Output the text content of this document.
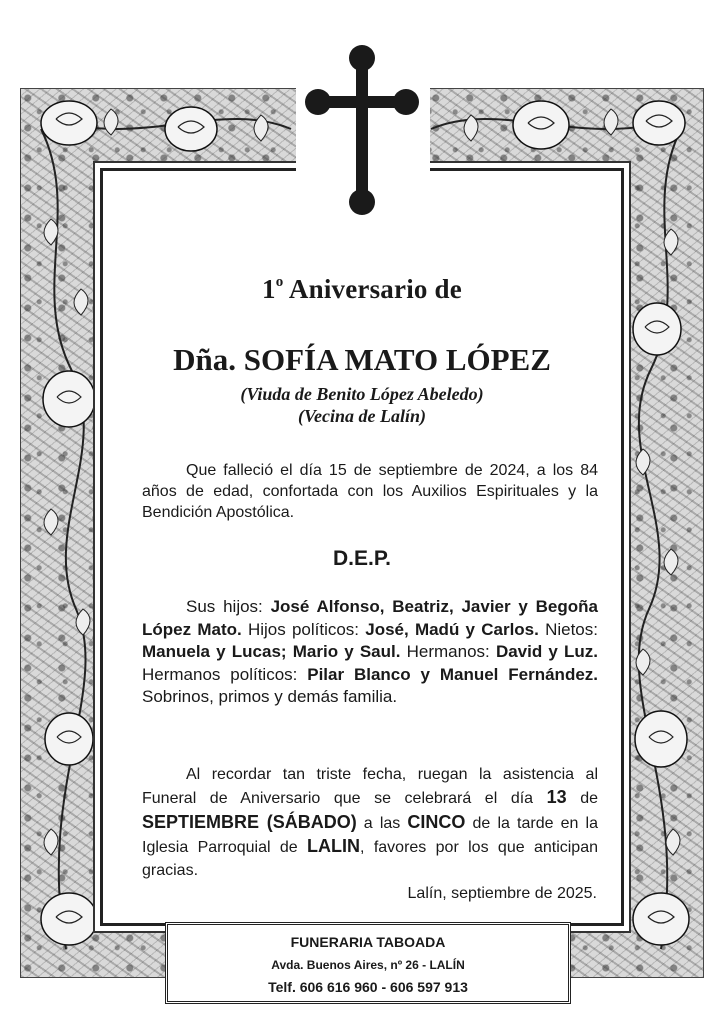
1$^o$ Aniversario de
Dña. SOFÍA MATO LÓPEZ
(Viuda de Benito López Abeledo)
(Vecina de Lalín)
Que falleció el día 15 de septiembre de 2024, a los 84 años de edad, confortada con los Auxilios Espirituales y la Bendición Apostólica.
D.E.P.
Sus hijos: José Alfonso, Beatriz, Javier y Begoña López Mato. Hijos políticos: José, Madú y Carlos. Nietos: Manuela y Lucas; Mario y Saul. Hermanos: David y Luz. Hermanos políticos: Pilar Blanco y Manuel Fernández. Sobrinos, primos y demás familia.
Al recordar tan triste fecha, ruegan la asistencia al Funeral de Aniversario que se celebrará el día 13 de SEPTIEMBRE (SÁBADO) a las CINCO de la tarde en la Iglesia Parroquial de LALIN, favores por los que anticipan gracias.
Lalín, septiembre de 2025.
FUNERARIA TABOADA
Avda. Buenos Aires, nº 26 - LALÍN
Telf. 606 616 960 - 606 597 913
